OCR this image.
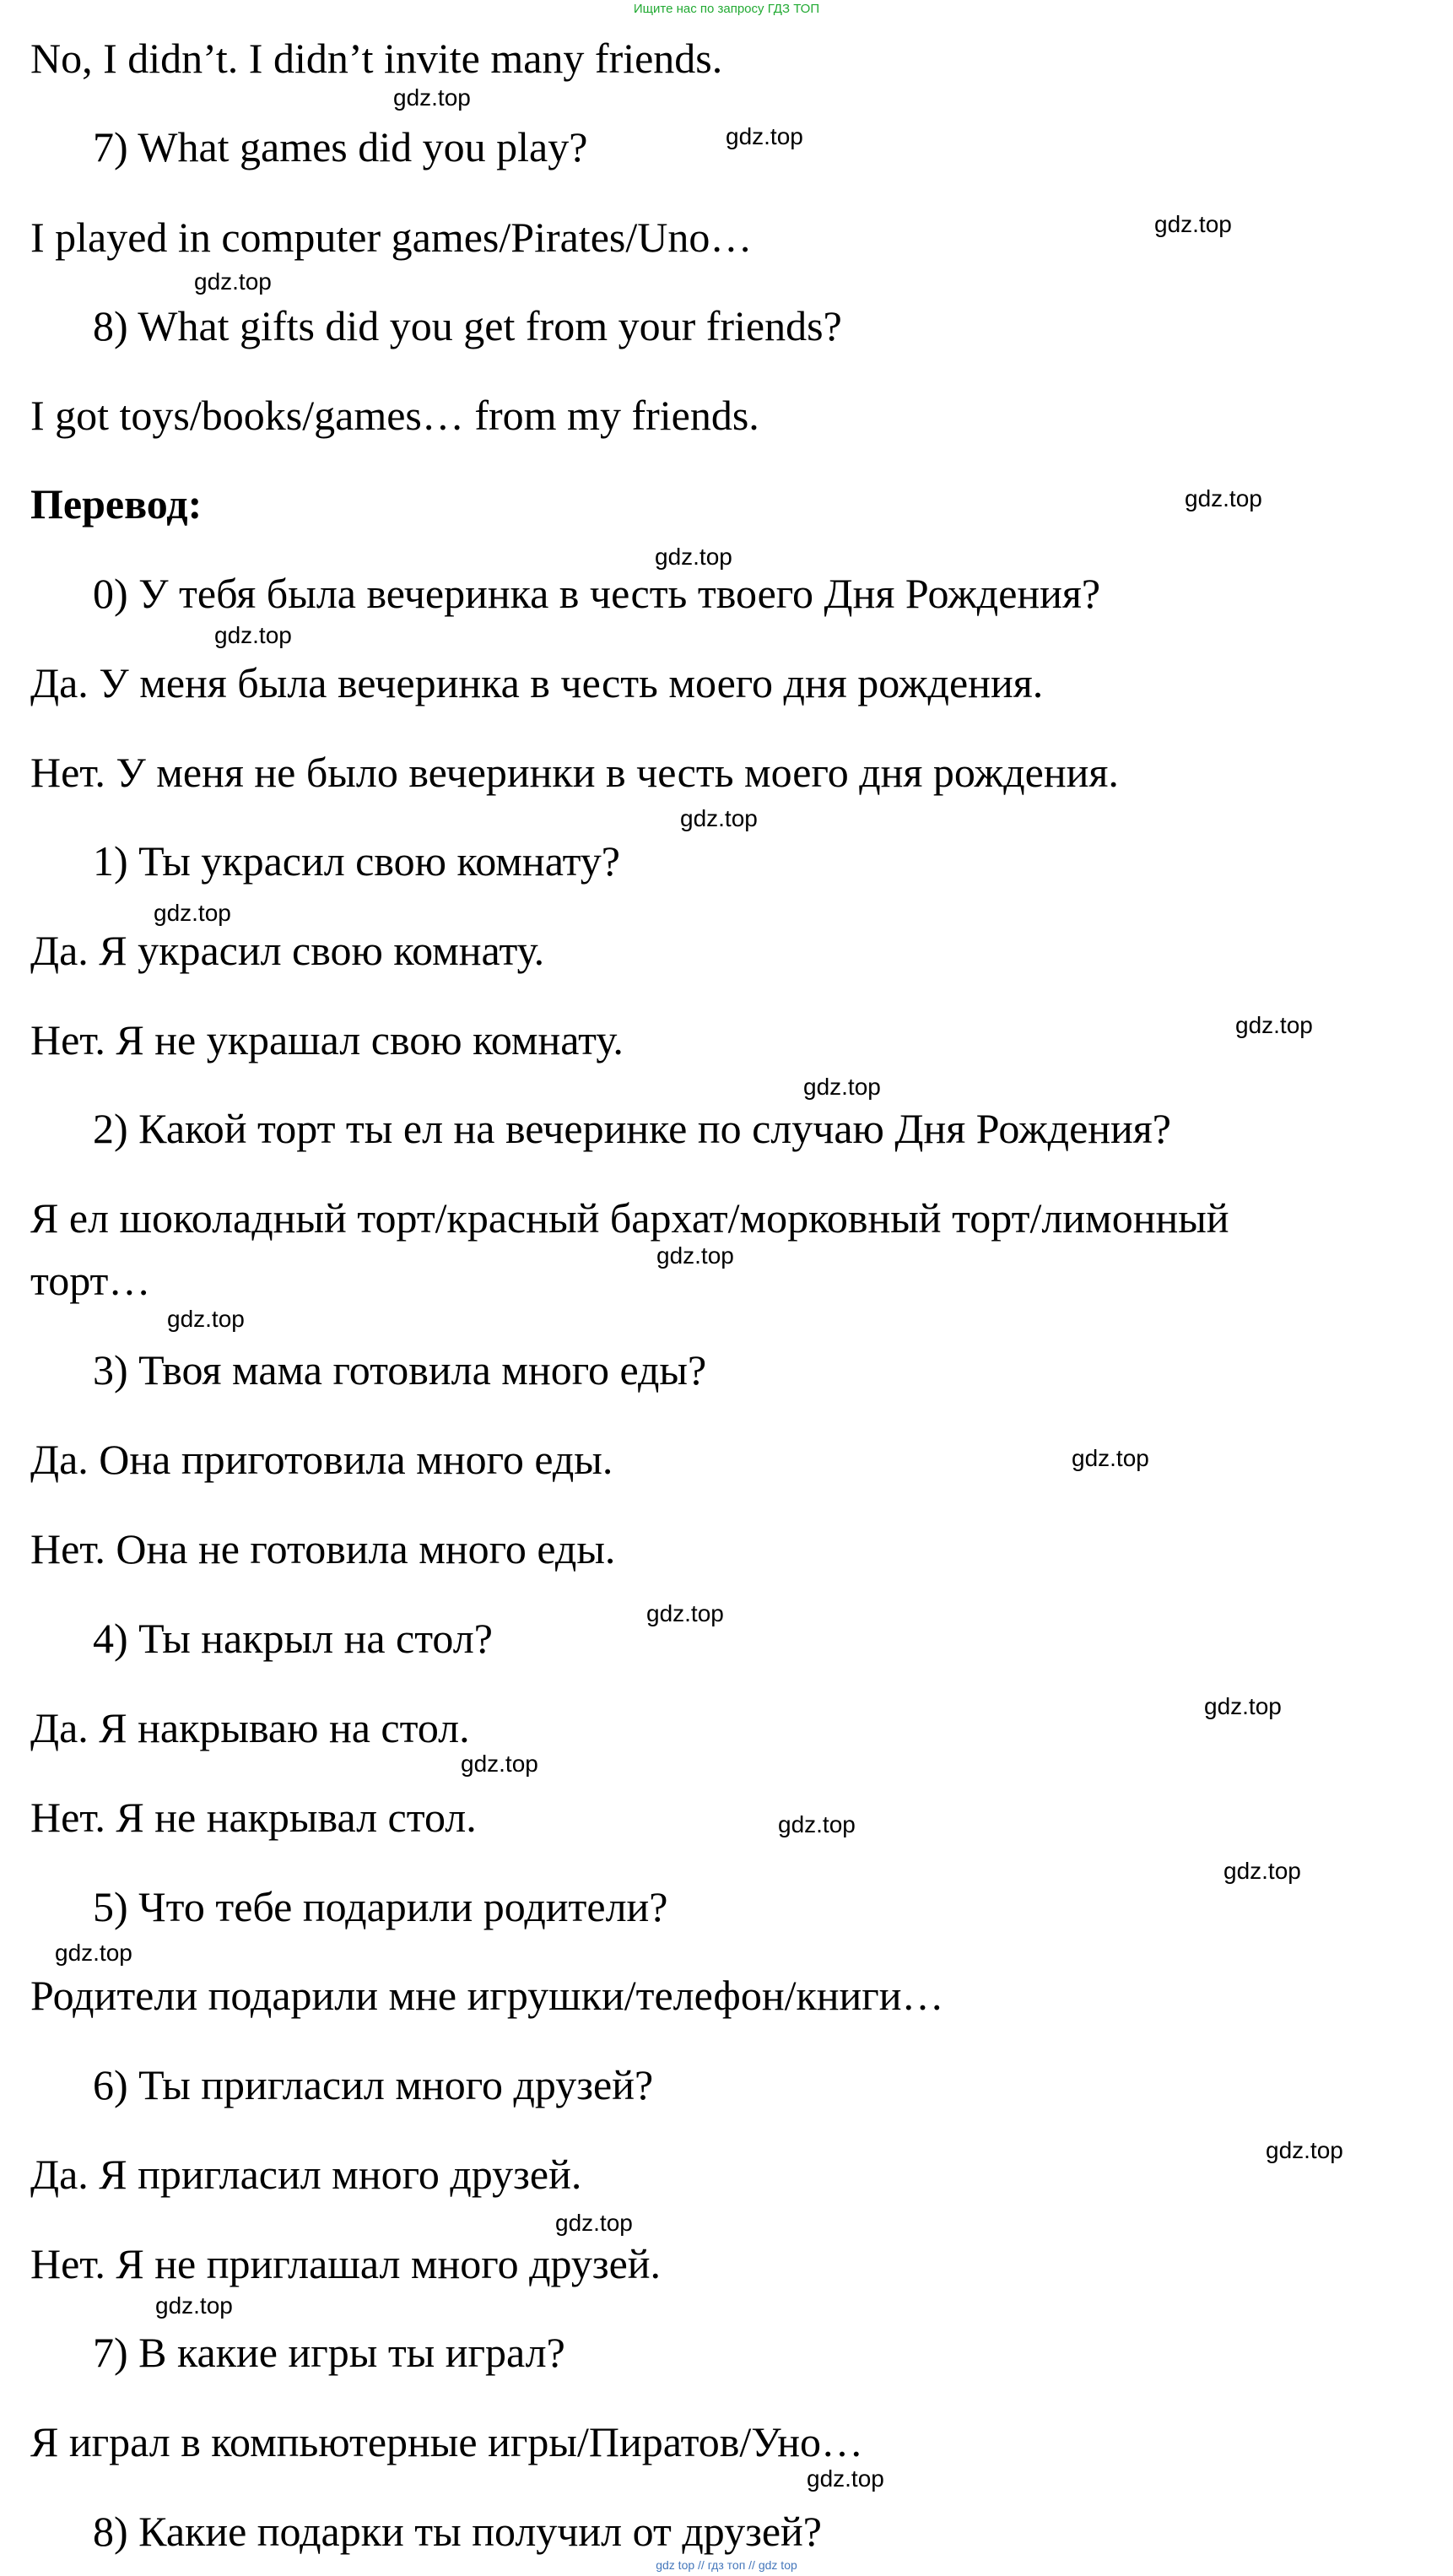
Ищите нас по запросу ГДЗ ТОП
No, I didn’t. I didn’t invite many friends.
7) What games did you play?
I played in computer games/Pirates/Uno…
8) What gifts did you get from your friends?
I got toys/books/games… from my friends.
Перевод:
0) У тебя была вечеринка в честь твоего Дня Рождения?
Да. У меня была вечеринка в честь моего дня рождения.
Нет. У меня не было вечеринки в честь моего дня рождения.
1) Ты украсил свою комнату?
Да. Я украсил свою комнату.
Нет. Я не украшал свою комнату.
2) Какой торт ты ел на вечеринке по случаю Дня Рождения?
Я ел шоколадный торт/красный бархат/морковный торт/лимонный
торт…
3) Твоя мама готовила много еды?
Да. Она приготовила много еды.
Нет. Она не готовила много еды.
4) Ты накрыл на стол?
Да. Я накрываю на стол.
Нет. Я не накрывал стол.
5) Что тебе подарили родители?
Родители подарили мне игрушки/телефон/книги…
6) Ты пригласил много друзей?
Да. Я пригласил много друзей.
Нет. Я не приглашал много друзей.
7) В какие игры ты играл?
Я играл в компьютерные игры/Пиратов/Уно…
8) Какие подарки ты получил от друзей?
gdz.top
gdz.top
gdz.top
gdz.top
gdz.top
gdz.top
gdz.top
gdz.top
gdz.top
gdz.top
gdz.top
gdz.top
gdz.top
gdz.top
gdz.top
gdz.top
gdz.top
gdz.top
gdz.top
gdz.top
gdz.top
gdz.top
gdz.top
gdz.top
gdz top // гдз топ // gdz top
